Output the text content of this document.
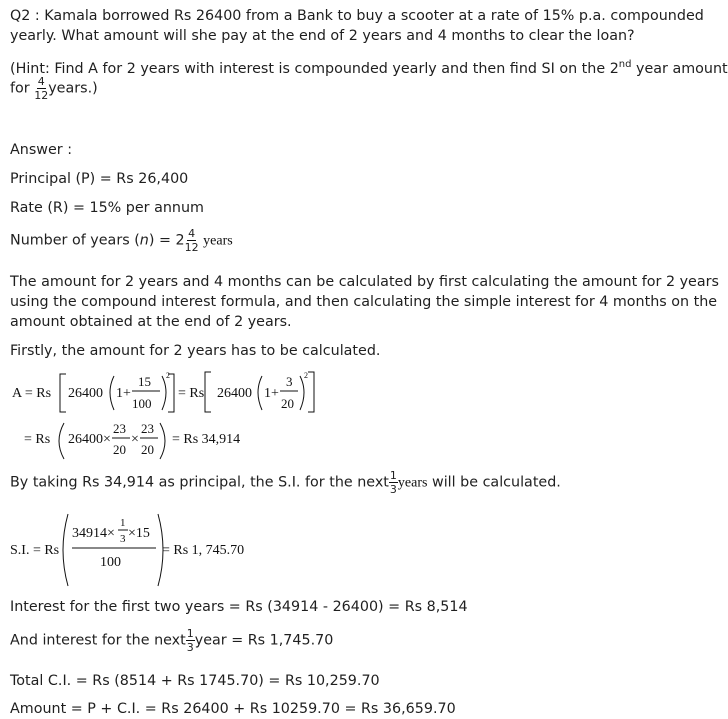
Q2 : Kamala borrowed Rs 26400 from a Bank to buy a scooter at a rate of 15% p.a. compounded
yearly. What amount will she pay at the end of 2 years and 4 months to clear the loan?
(Hint: Find A for 2 years with interest is compounded yearly and then find SI on the 2nd year amount
for $\frac{4}{12}$ years.)
Answer :
Principal (P) = Rs 26,400
Rate (R) = 15% per annum
Number of years $(n) = 2 \frac{4}{12}$ years
The amount for 2 years and 4 months can be calculated by first calculating the amount for 2 years
using the compound interest formula, and then calculating the simple interest for 4 months on the
amount obtained at the end of 2 years.
Firstly, the amount for 2 years has to be calculated.
A = Rs 26400 1+
15
100
2
= Rs 26400 1+
3
20
2
= Rs 26400×
23
20
×
23
20
= Rs 34,914
By taking Rs 34,914 as principal, the S.I. for the next $\frac{1}{3}$ years will be calculated.
S.I. = Rs
34914×
1
3 ×15
100
= Rs 1, 745.70
Interest for the first two years = Rs (34914 - 26400) = Rs 8,514
And interest for the next $\frac{1}{3}$ year = Rs 1,745.70
Total C.I. = Rs (8514 + Rs 1745.70) = Rs 10,259.70
Amount = P + C.I. = Rs 26400 + Rs 10259.70 = Rs 36,659.70
